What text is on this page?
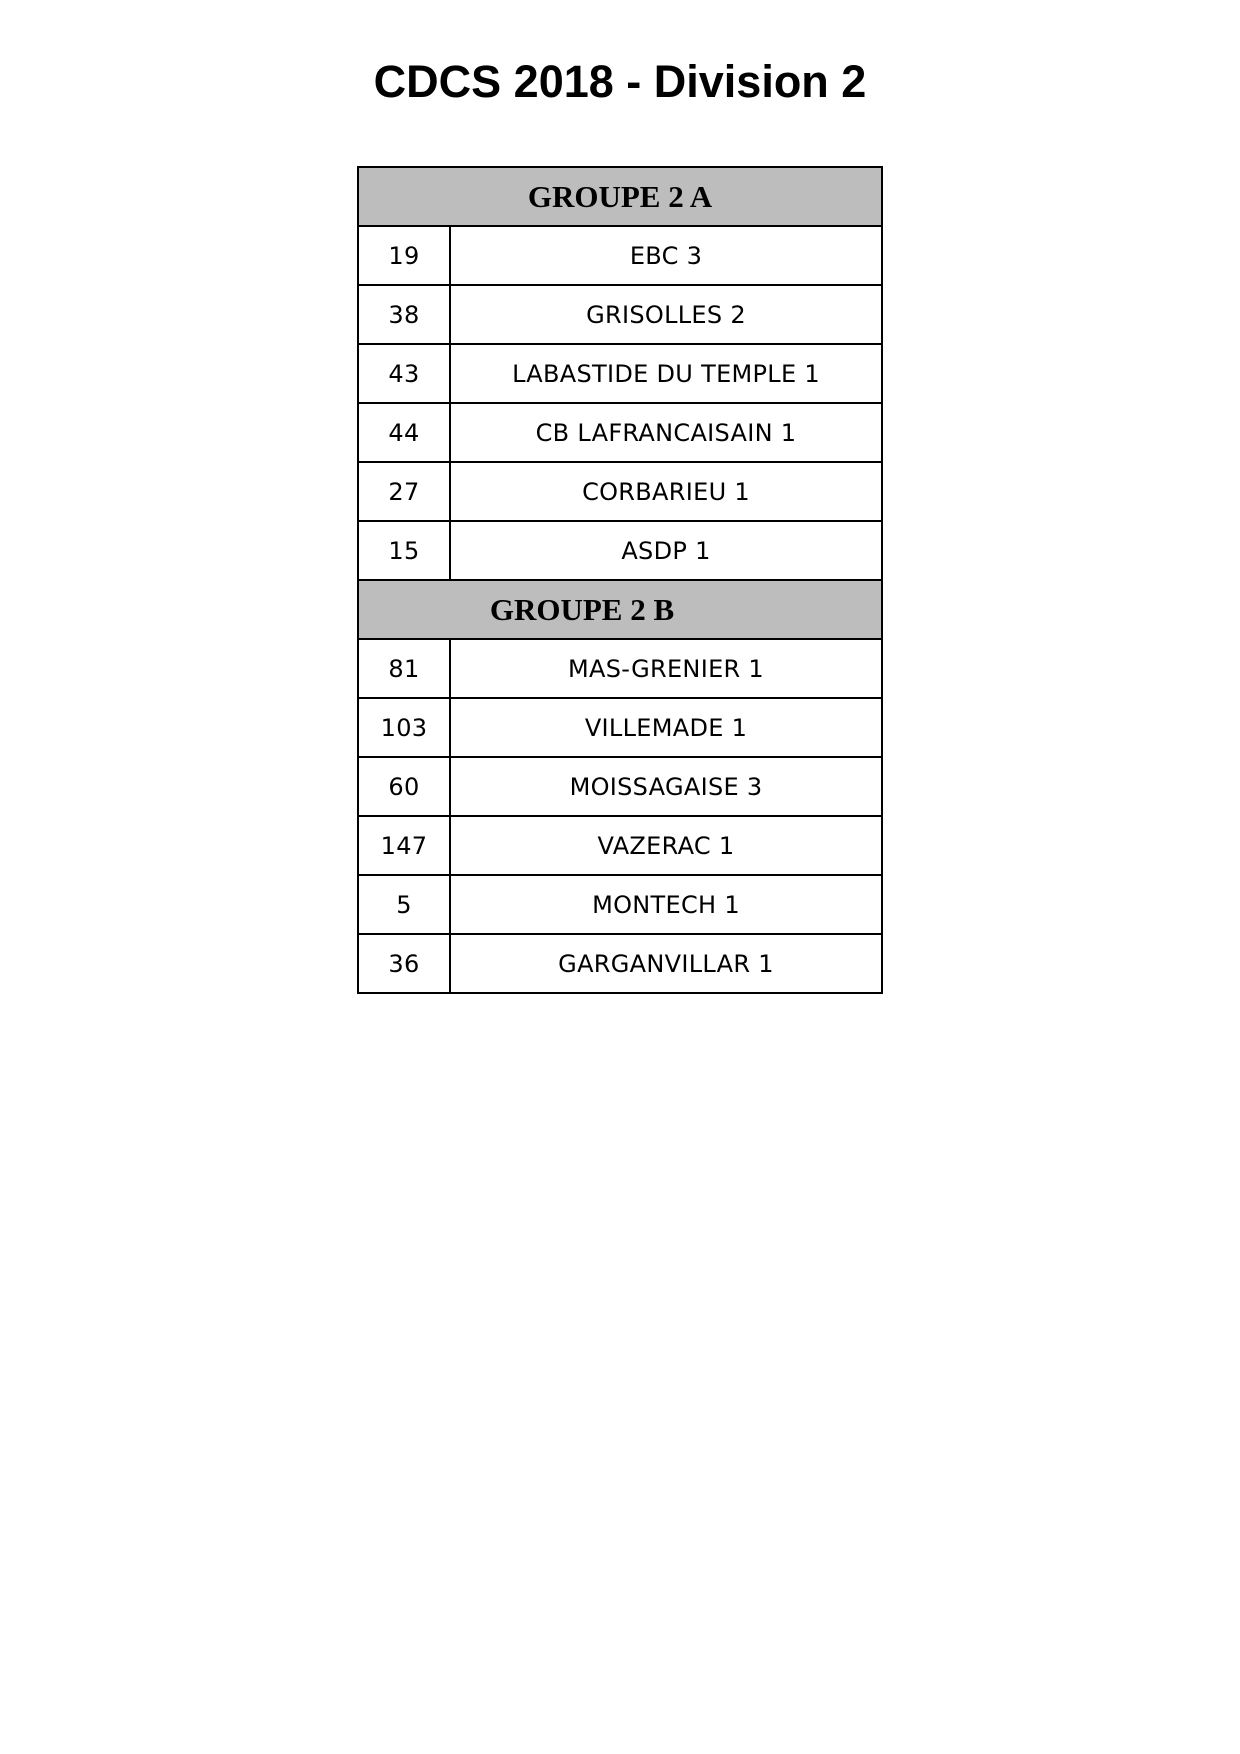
CDCS 2018 - Division 2
GROUPE 2 A	
19	EBC 3
38	GRISOLLES 2
43	LABASTIDE DU TEMPLE 1
44	CB LAFRANCAISAIN 1
27	CORBARIEU 1
15	ASDP 1
GROUPE 2 B	
81	MAS-GRENIER 1
103	VILLEMADE 1
60	MOISSAGAISE 3
147	VAZERAC 1
5	MONTECH 1
36	GARGANVILLAR 1
